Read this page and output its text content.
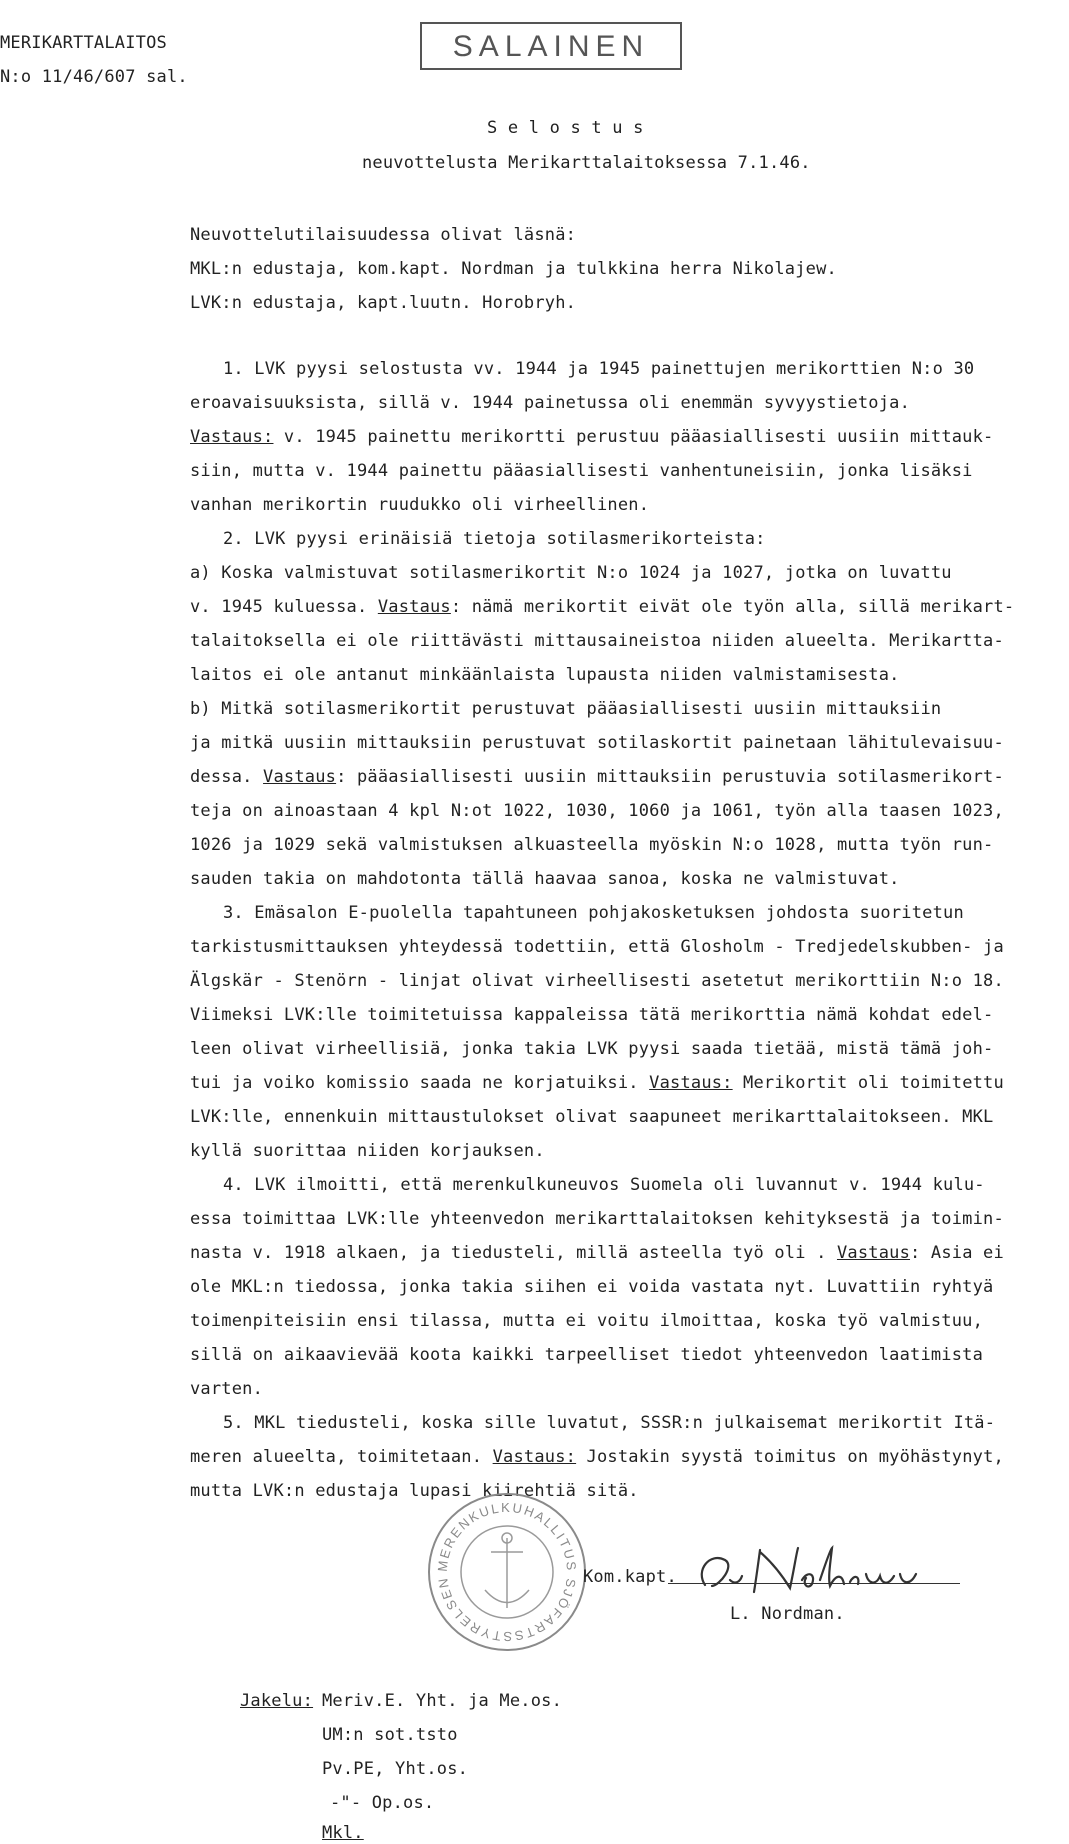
MERIKARTTALAITOS
N:o 11/46/607 sal.
SALAINEN
S e l o s t u s
neuvottelusta Merikarttalaitoksessa 7.1.46.
Neuvottelutilaisuudessa olivat läsnä:
MKL:n edustaja, kom.kapt. Nordman ja tulkkina herra Nikolajew.
LVK:n edustaja, kapt.luutn. Horobryh.
1. LVK pyysi selostusta vv. 1944 ja 1945 painettujen merikorttien N:o 30
eroavaisuuksista, sillä v. 1944 painetussa oli enemmän syvyystietoja.
Vastaus: v. 1945 painettu merikortti perustuu pääasiallisesti uusiin mittauk-
siin, mutta v. 1944 painettu pääasiallisesti vanhentuneisiin, jonka lisäksi
vanhan merikortin ruudukko oli virheellinen.
2. LVK pyysi erinäisiä tietoja sotilasmerikorteista:
a) Koska valmistuvat sotilasmerikortit N:o 1024 ja 1027, jotka on luvattu
v. 1945 kuluessa. Vastaus: nämä merikortit eivät ole työn alla, sillä merikart-
talaitoksella ei ole riittävästi mittausaineistoa niiden alueelta. Merikartta-
laitos ei ole antanut minkäänlaista lupausta niiden valmistamisesta.
b) Mitkä sotilasmerikortit perustuvat pääasiallisesti uusiin mittauksiin
ja mitkä uusiin mittauksiin perustuvat sotilaskortit painetaan lähitulevaisuu-
dessa. Vastaus: pääasiallisesti uusiin mittauksiin perustuvia sotilasmerikort-
teja on ainoastaan 4 kpl N:ot 1022, 1030, 1060 ja 1061, työn alla taasen 1023,
1026 ja 1029 sekä valmistuksen alkuasteella myöskin N:o 1028, mutta työn run-
sauden takia on mahdotonta tällä haavaa sanoa, koska ne valmistuvat.
3. Emäsalon E-puolella tapahtuneen pohjakosketuksen johdosta suoritetun
tarkistusmittauksen yhteydessä todettiin, että Glosholm - Tredjedelskubben- ja
Älgskär - Stenörn - linjat olivat virheellisesti asetetut merikorttiin N:o 18.
Viimeksi LVK:lle toimitetuissa kappaleissa tätä merikorttia nämä kohdat edel-
leen olivat virheellisiä, jonka takia LVK pyysi saada tietää, mistä tämä joh-
tui ja voiko komissio saada ne korjatuiksi. Vastaus: Merikortit oli toimitettu
LVK:lle, ennenkuin mittaustulokset olivat saapuneet merikarttalaitokseen. MKL
kyllä suorittaa niiden korjauksen.
4. LVK ilmoitti, että merenkulkuneuvos Suomela oli luvannut v. 1944 kulu-
essa toimittaa LVK:lle yhteenvedon merikarttalaitoksen kehityksestä ja toimin-
nasta v. 1918 alkaen, ja tiedusteli, millä asteella työ oli . Vastaus: Asia ei
ole MKL:n tiedossa, jonka takia siihen ei voida vastata nyt. Luvattiin ryhtyä
toimenpiteisiin ensi tilassa, mutta ei voitu ilmoittaa, koska työ valmistuu,
sillä on aikaavievää koota kaikki tarpeelliset tiedot yhteenvedon laatimista
varten.
5. MKL tiedusteli, koska sille luvatut, SSSR:n julkaisemat merikortit Itä-
meren alueelta, toimitetaan. Vastaus: Jostakin syystä toimitus on myöhästynyt,
mutta LVK:n edustaja lupasi kiirehtiä sitä.
MERENKULKUHALLITUS SJÖFARTSSTYRELSEN	Kom.kapt.
L. Nordman.
Jakelu: Meriv.E. Yht. ja Me.os.
UM:n sot.tsto
Pv.PE, Yht.os.
-"- Op.os.
Mkl.
